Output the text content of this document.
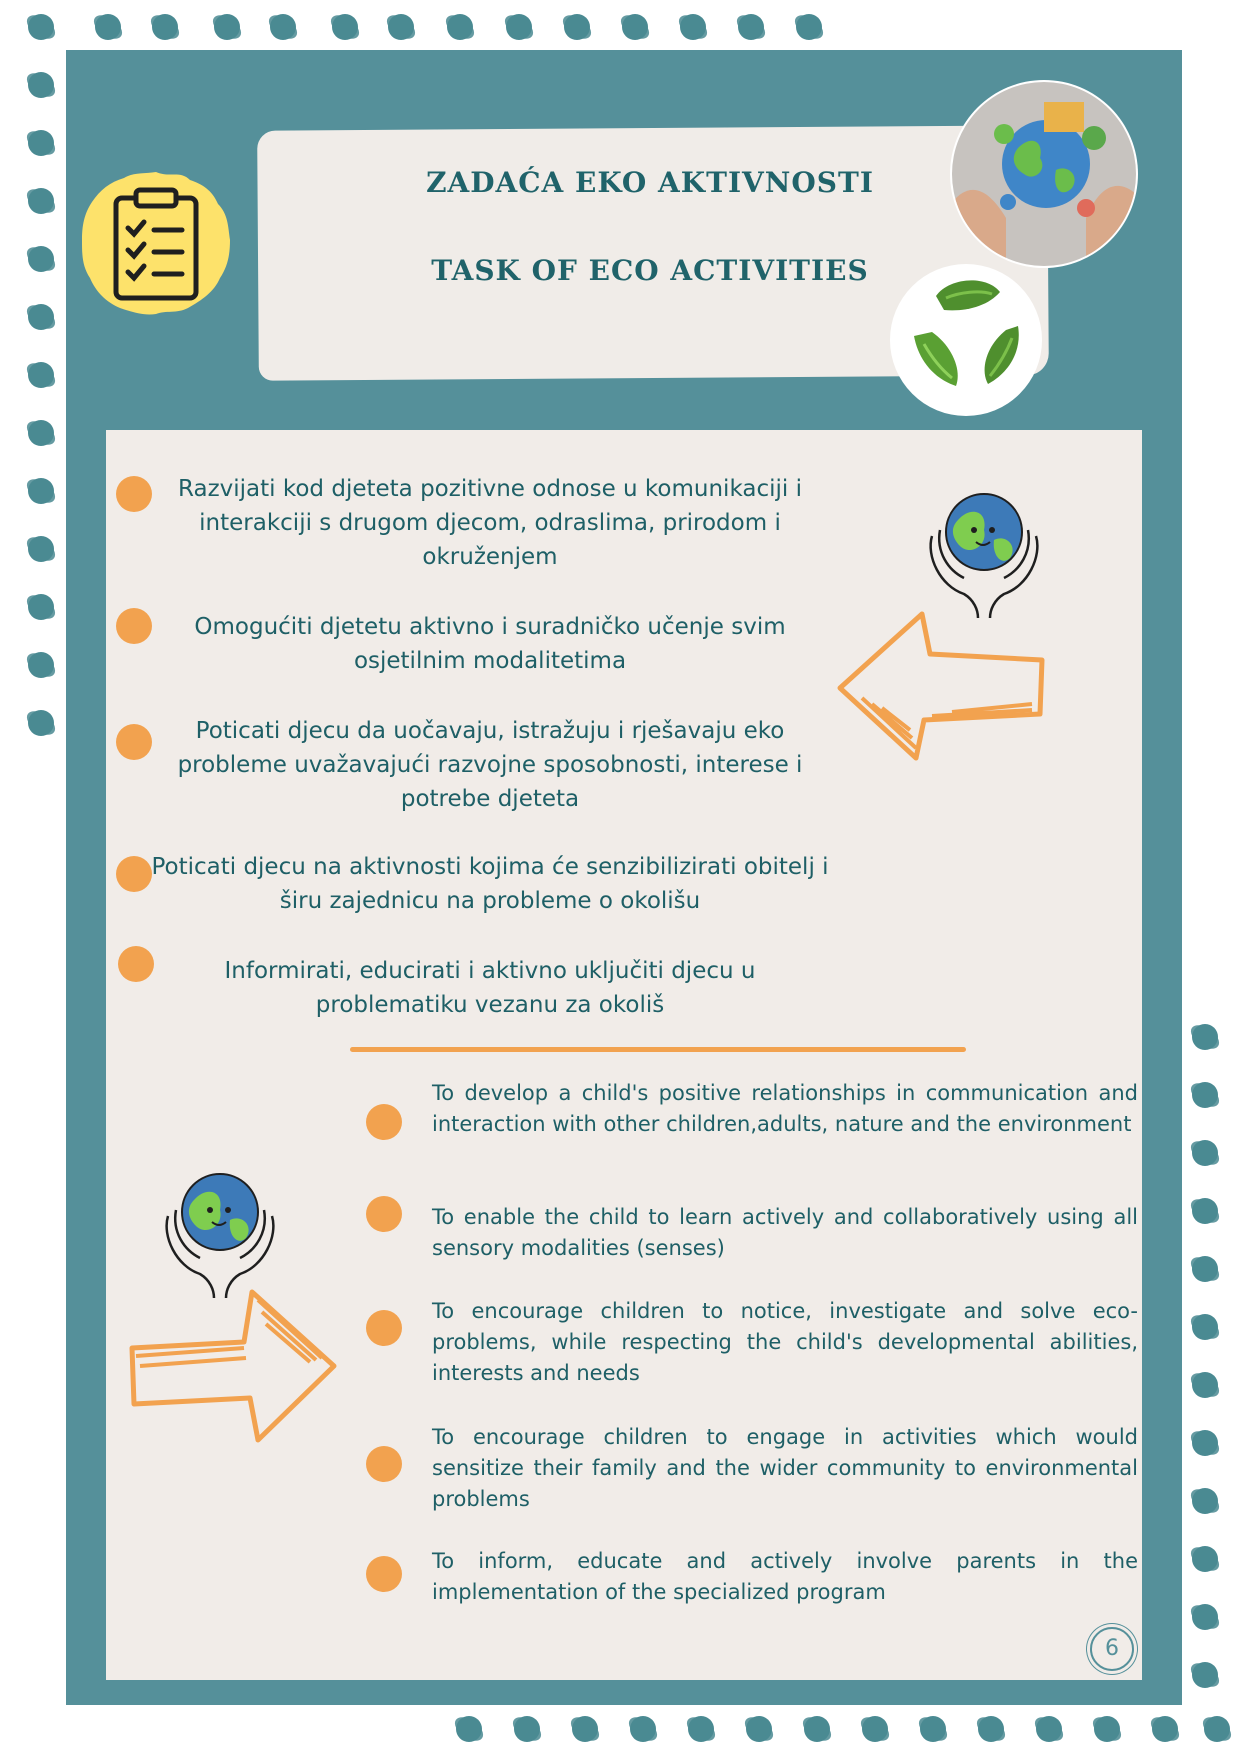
ZADAĆA EKO AKTIVNOSTI
TASK OF ECO ACTIVITIES
Razvijati kod djeteta pozitivne odnose u komunikaciji i interakciji s drugom djecom, odraslima, prirodom i okruženjem
Omogućiti djetetu aktivno i suradničko učenje svim osjetilnim modalitetima
Poticati djecu da uočavaju, istražuju i rješavaju eko probleme uvažavajući razvojne sposobnosti, interese i potrebe djeteta
Poticati djecu na aktivnosti kojima će senzibilizirati obitelj i širu zajednicu na probleme o okolišu
Informirati, educirati i aktivno uključiti djecu u problematiku vezanu za okoliš
To develop a child's positive relationships in communication and interaction with other children,adults, nature and the environment
To enable the child to learn actively and collaboratively using all sensory modalities (senses)
To encourage children to notice, investigate and solve eco-problems, while respecting the child's developmental abilities, interests and needs
To encourage children to engage in activities which would sensitize their family and the wider community to environmental problems
To inform, educate and actively involve parents in the implementation of the specialized program
6
